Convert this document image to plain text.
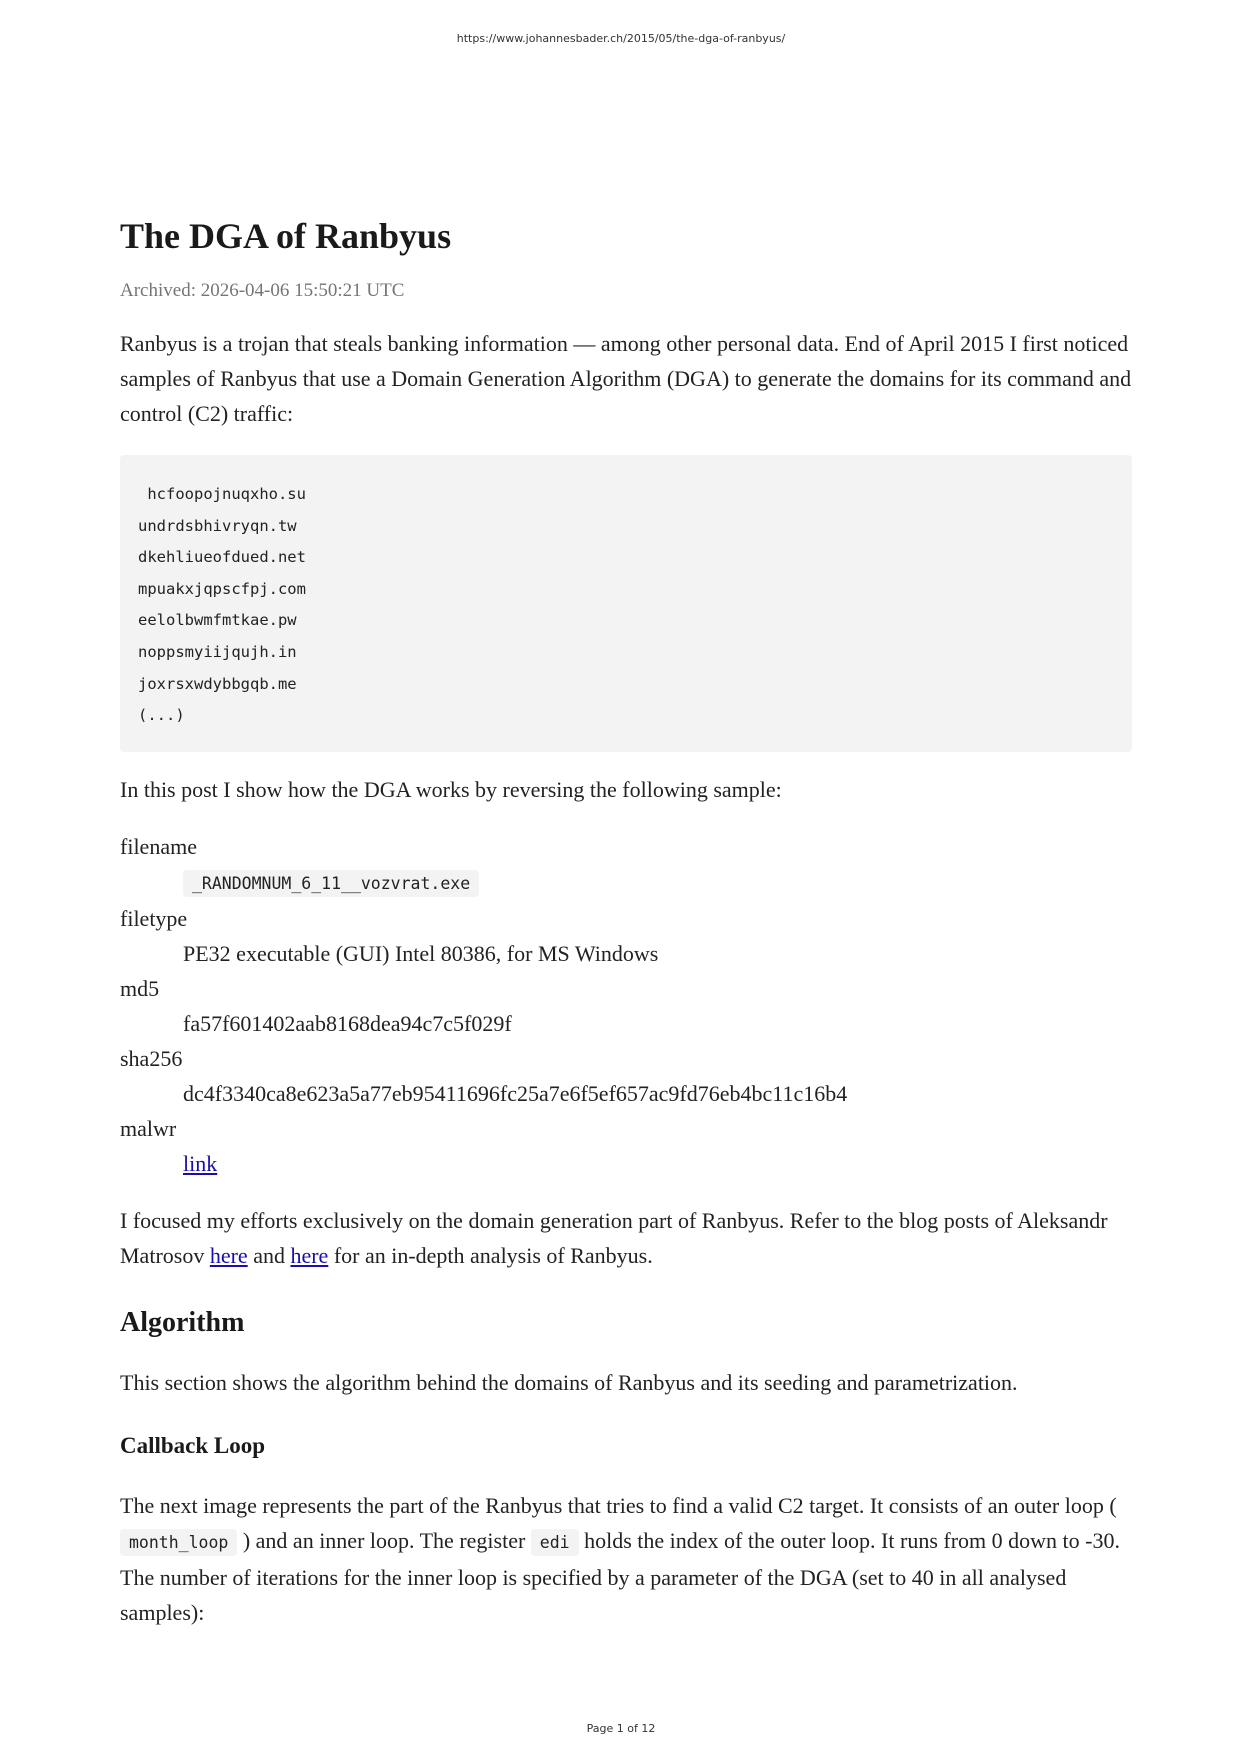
https://www.johannesbader.ch/2015/05/the-dga-of-ranbyus/
The DGA of Ranbyus
Archived: 2026-04-06 15:50:21 UTC

Ranbyus is a trojan that steals banking information — among other personal data. End of April 2015 I first noticed samples of Ranbyus that use a Domain Generation Algorithm (DGA) to generate the domains for its command and control (C2) traffic:

hcfoopojnuqxho.su
undrdsbhivryqn.tw
dkehliueofdued.net
mpuakxjqpscfpj.com
eelolbwmfmtkae.pw
noppsmyiijqujh.in
joxrsxwdybbgqb.me
(...)

In this post I show how the DGA works by reversing the following sample:

filename
_RANDOMNUM_6_11__vozvrat.exe
filetype
PE32 executable (GUI) Intel 80386, for MS Windows
md5
fa57f601402aab8168dea94c7c5f029f
sha256
dc4f3340ca8e623a5a77eb95411696fc25a7e6f5ef657ac9fd76eb4bc11c16b4
malwr
link

I focused my efforts exclusively on the domain generation part of Ranbyus. Refer to the blog posts of Aleksandr Matrosov here and here for an in-depth analysis of Ranbyus.

Algorithm

This section shows the algorithm behind the domains of Ranbyus and its seeding and parametrization.

Callback Loop

The next image represents the part of the Ranbyus that tries to find a valid C2 target. It consists of an outer loop ( month_loop ) and an inner loop. The register edi holds the index of the outer loop. It runs from 0 down to -30. The number of iterations for the inner loop is specified by a parameter of the DGA (set to 40 in all analysed samples):

Page 1 of 12
